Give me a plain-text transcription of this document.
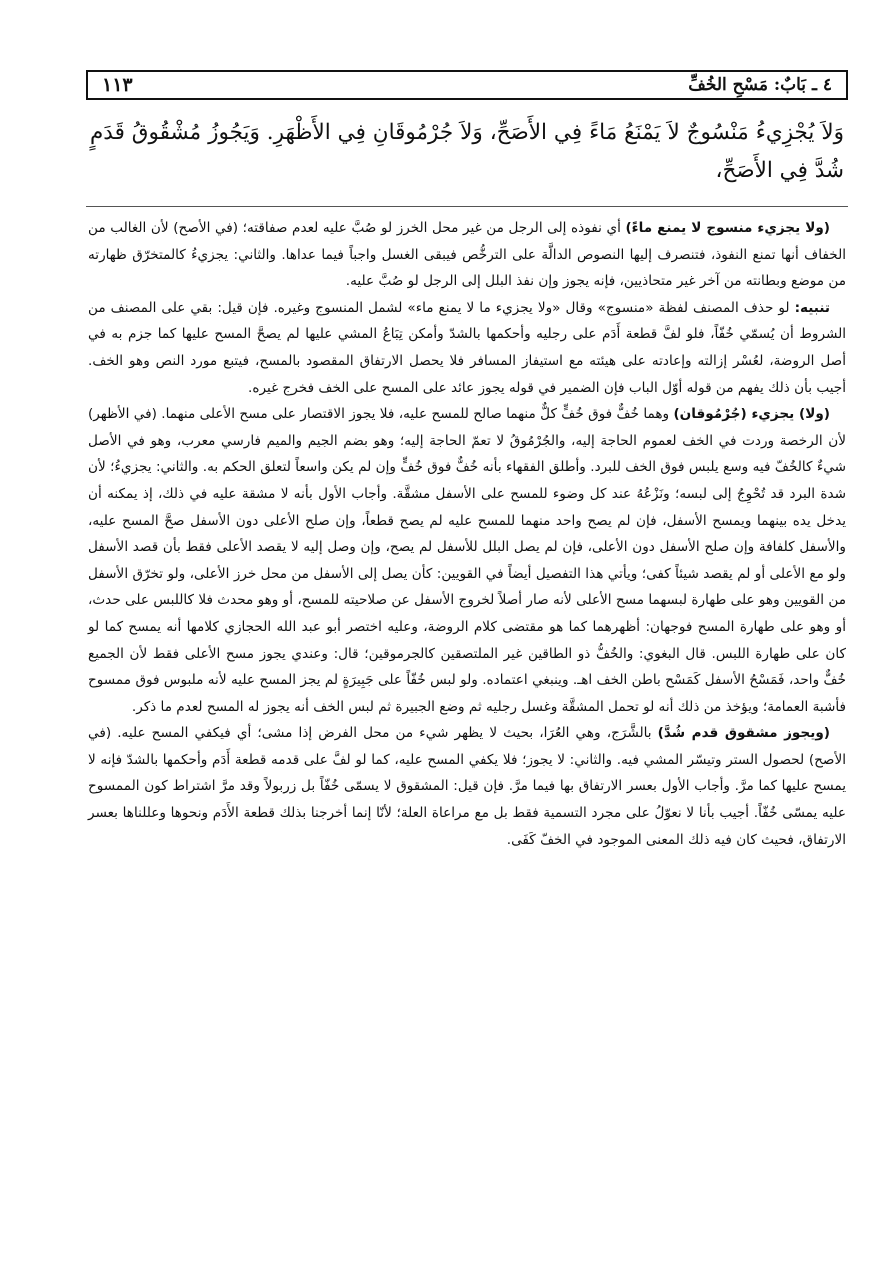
٤ ـ بَابٌ: مَسْحِ الخُفِّ
١١٣
وَلاَ يُجْزِيءُ مَنْسُوجٌ لاَ يَمْنَعُ مَاءً فِي الأَصَحِّ، وَلاَ جُرْمُوقَانِ فِي الأَظْهَرِ. وَيَجُوزُ مُشْقُوقُ قَدَمٍ شُدَّ فِي الأَصَحِّ،

(ولا يجزيء منسوج لا يمنع ماءً) أي نفوذه إلى الرجل من غير محل الخرز لو صُبَّ عليه لعدم صفاقته؛ (في الأصح) لأن الغالب من الخفاف أنها تمنع النفوذ، فتنصرف إليها النصوص الدالَّة على الترخُّص فيبقى الغسل واجباً فيما عداها. والثاني: يجزيءُ كالمتخرّق ظهارته من موضع وبطانته من آخر غير متحاذيين، فإنه يجوز وإن نفذ البلل إلى الرجل لو صُبَّ عليه.

تنبيه: لو حذف المصنف لفظة «منسوج» وقال «ولا يجزيء ما لا يمنع ماء» لشمل المنسوج وغيره. فإن قيل: بقي على المصنف من الشروط أن يُسمّي خُفّاً، فلو لفَّ قطعة أَدَم على رجليه وأحكمها بالشدّ وأمكن تِبَاعُ المشي عليها لم يصحَّ المسح عليها كما جزم به في أصل الروضة، لعُسْر إزالته وإعادته على هيئته مع استيفاز المسافر فلا يحصل الارتفاق المقصود بالمسح، فيتبع مورد النص وهو الخف. أجيب بأن ذلك يفهم من قوله أوّل الباب فإن الضمير في قوله يجوز عائد على المسح على الخف فخرج غيره.

(ولا) يجزيء (جُرْمُوقان) وهما خُفٌّ فوق خُفٍّ كلٌّ منهما صالح للمسح عليه، فلا يجوز الاقتصار على مسح الأعلى منهما. (في الأظهر) لأن الرخصة وردت في الخف لعموم الحاجة إليه، والجُرْمُوقُ لا تعمّ الحاجة إليه؛ وهو بضم الجيم والميم فارسي معرب، وهو في الأصل شيءٌ كالخُفّ فيه وسع يلبس فوق الخف للبرد. وأطلق الفقهاء بأنه خُفٌّ فوق خُفٍّ وإن لم يكن واسعاً لتعلق الحكم به. والثاني: يجزيءُ؛ لأن شدة البرد قد تُحْوِجُ إلى لبسه؛ ونَزْعُهُ عند كل وضوء للمسح على الأسفل مشقَّة. وأجاب الأول بأنه لا مشقة عليه في ذلك، إذ يمكنه أن يدخل يده بينهما ويمسح الأسفل، فإن لم يصح واحد منهما للمسح عليه لم يصح قطعاً، وإن صلح الأعلى دون الأسفل صحَّ المسح عليه، والأسفل كلفافة وإن صلح الأسفل دون الأعلى، فإن لم يصل البلل للأسفل لم يصح، وإن وصل إليه لا يقصد الأعلى فقط بأن قصد الأسفل ولو مع الأعلى أو لم يقصد شيئاً كفى؛ ويأتي هذا التفصيل أيضاً في القويين: كأن يصل إلى الأسفل من محل خرز الأعلى، ولو تخرّق الأسفل من القويين وهو على طهارة لبسهما مسح الأعلى لأنه صار أصلاً لخروج الأسفل عن صلاحيته للمسح، أو وهو محدث فلا كاللبس على حدث، أو وهو على طهارة المسح فوجهان: أظهرهما كما هو مقتضى كلام الروضة، وعليه اختصر أبو عبد الله الحجازي كلامها أنه يمسح كما لو كان على طهارة اللبس. قال البغوي: والخُفُّ ذو الطاقين غير الملتصقين كالجرموقين؛ قال: وعندي يجوز مسح الأعلى فقط لأن الجميع خُفٌّ واحد، فَمَسْحُ الأسفل كَمَسْح باطن الخف اهـ. وينبغي اعتماده. ولو لبس خُفّاً على جَبِيرَةٍ لم يجز المسح عليه لأنه ملبوس فوق ممسوح فأشبهَ العمامة؛ ويؤخذ من ذلك أنه لو تحمل المشقَّة وغسل رجليه ثم وضع الجبيرة ثم لبس الخف أنه يجوز له المسح لعدم ما ذكر.

(ويجوز مشقوق قدم شُدَّ) بالشَّرَج، وهي العُرَا، بحيث لا يظهر شيء من محل الفرض إذا مشى؛ أي فيكفي المسح عليه. (في الأصح) لحصول الستر وتيسّر المشي فيه. والثاني: لا يجوز؛ فلا يكفي المسح عليه، كما لو لفَّ على قدمه قطعة أَدَم وأحكمها بالشدّ فإنه لا يمسح عليها كما مرَّ. وأجاب الأول بعسر الارتفاق بها فيما مرَّ. فإن قيل: المشقوق لا يسمّى خُفّاً بل زربولاً وقد مرَّ اشتراط كون الممسوح عليه يمسّى خُفّاً. أجيب بأنا لا نعوّلُ على مجرد التسمية فقط بل مع مراعاة العلة؛ لأنّا إنما أخرجنا بذلك قطعة الأَدَم ونحوها وعللناها بعسر الارتفاق، فحيث كان فيه ذلك المعنى الموجود في الخفّ كَفَى.
